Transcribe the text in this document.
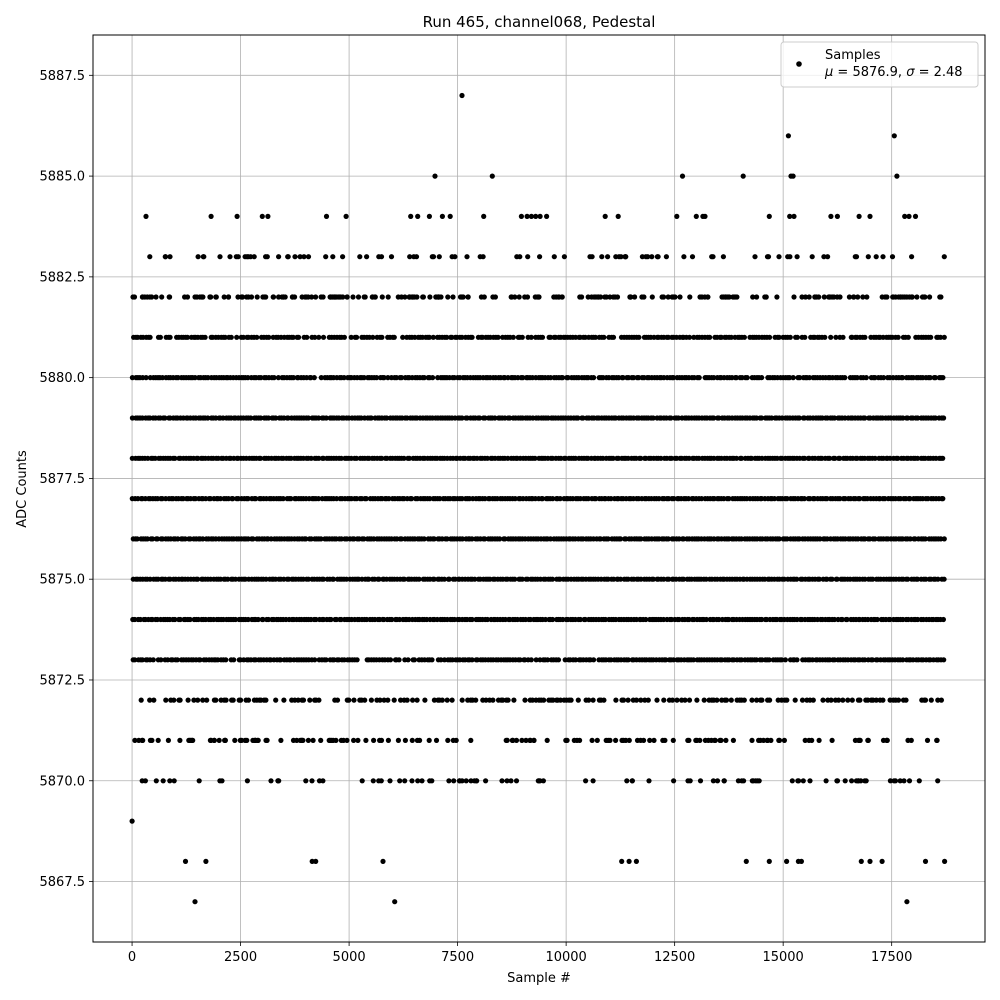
Run 465, channel068, Pedestal
0	2500	5000	7500	10000	12500	15000	17500
5867.5
5870.0
5872.5
5875.0
5877.5
5880.0
5882.5
5885.0
5887.5
Sample #
ADC Counts
Samples
μ = 5876.9, σ = 2.48
